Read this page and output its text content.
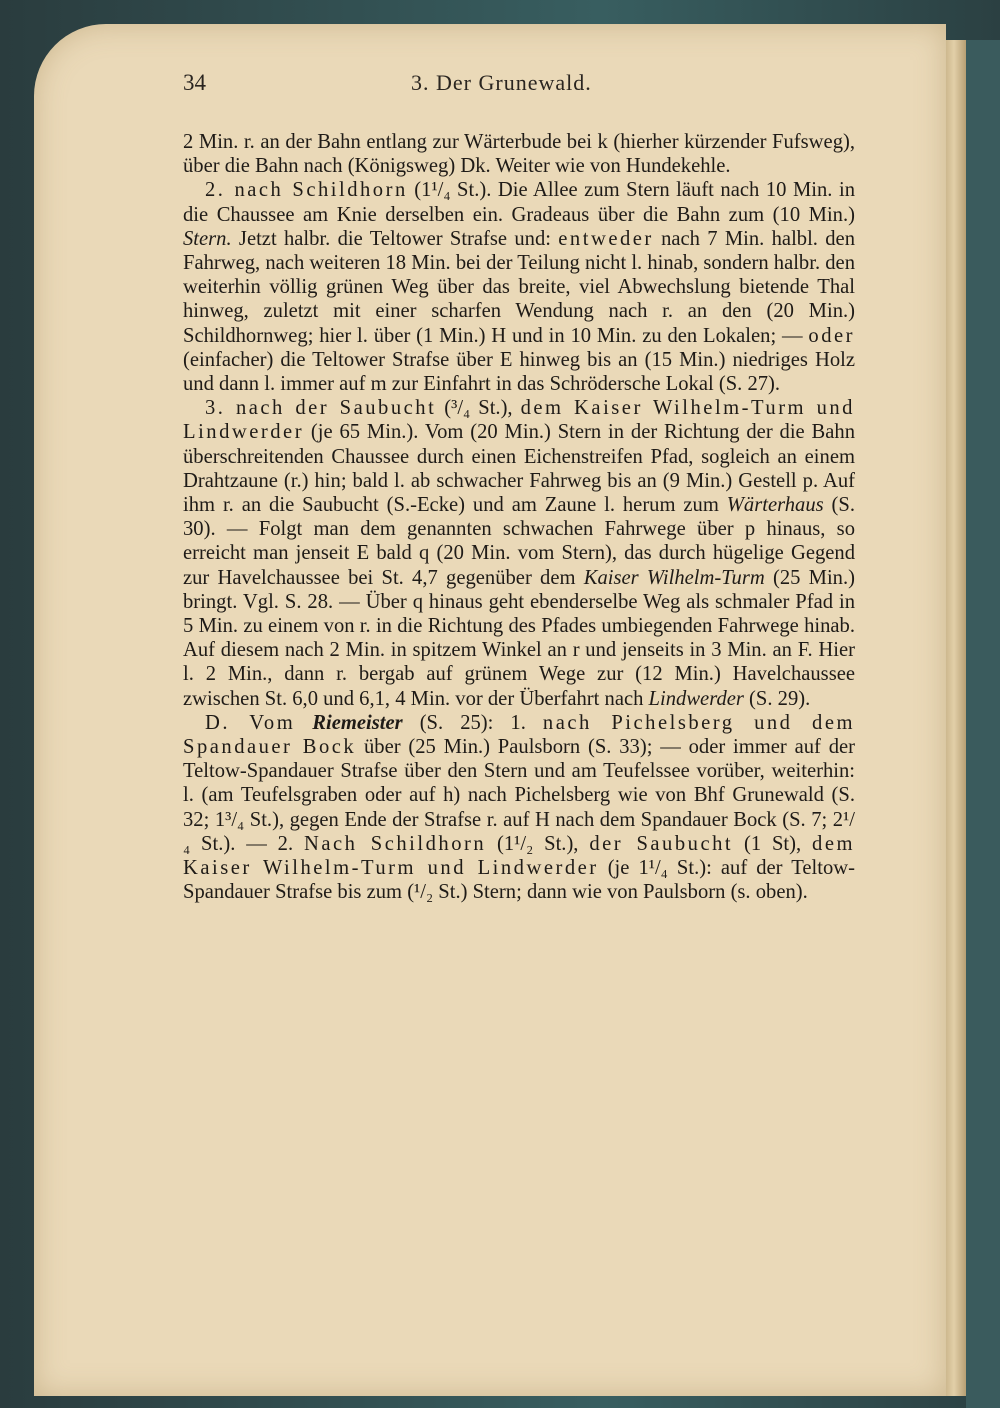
34	3. Der Grunewald.

2 Min. r. an der Bahn entlang zur Wärterbude bei k (hierher kürzender Fufsweg), über die Bahn nach (Königsweg) Dk. Weiter wie von Hundekehle.

2. nach Schildhorn (1¹/₄ St.). Die Allee zum Stern läuft nach 10 Min. in die Chaussee am Knie derselben ein. Gradeaus über die Bahn zum (10 Min.) Stern. Jetzt halbr. die Teltower Strafse und: entweder nach 7 Min. halbl. den Fahrweg, nach weiteren 18 Min. bei der Teilung nicht l. hinab, sondern halbr. den weiterhin völlig grünen Weg über das breite, viel Abwechslung bietende Thal hinweg, zuletzt mit einer scharfen Wendung nach r. an den (20 Min.) Schildhornweg; hier l. über (1 Min.) H und in 10 Min. zu den Lokalen; — oder (einfacher) die Teltower Strafse über E hinweg bis an (15 Min.) niedriges Holz und dann l. immer auf m zur Einfahrt in das Schrödersche Lokal (S. 27).

3. nach der Saubucht (³/₄ St.), dem Kaiser Wilhelm-Turm und Lindwerder (je 65 Min.). Vom (20 Min.) Stern in der Richtung der die Bahn überschreitenden Chaussee durch einen Eichenstreifen Pfad, sogleich an einem Drahtzaune (r.) hin; bald l. ab schwacher Fahrweg bis an (9 Min.) Gestell p. Auf ihm r. an die Saubucht (S.-Ecke) und am Zaune l. herum zum Wärterhaus (S. 30). — Folgt man dem genannten schwachen Fahrwege über p hinaus, so erreicht man jenseit E bald q (20 Min. vom Stern), das durch hügelige Gegend zur Havelchaussee bei St. 4,7 gegenüber dem Kaiser Wilhelm-Turm (25 Min.) bringt. Vgl. S. 28. — Über q hinaus geht ebenderselbe Weg als schmaler Pfad in 5 Min. zu einem von r. in die Richtung des Pfades umbiegenden Fahrwege hinab. Auf diesem nach 2 Min. in spitzem Winkel an r und jenseits in 3 Min. an F. Hier l. 2 Min., dann r. bergab auf grünem Wege zur (12 Min.) Havelchaussee zwischen St. 6,0 und 6,1, 4 Min. vor der Überfahrt nach Lindwerder (S. 29).

D. Vom Riemeister (S. 25): 1. nach Pichelsberg und dem Spandauer Bock über (25 Min.) Paulsborn (S. 33); — oder immer auf der Teltow-Spandauer Strafse über den Stern und am Teufelssee vorüber, weiterhin: l. (am Teufelsgraben oder auf h) nach Pichelsberg wie von Bhf Grunewald (S. 32; 1³/₄ St.), gegen Ende der Strafse r. auf H nach dem Spandauer Bock (S. 7; 2¹/₄ St.). — 2. Nach Schildhorn (1¹/₂ St.), der Saubucht (1 St), dem Kaiser Wilhelm-Turm und Lindwerder (je 1¹/₄ St.): auf der Teltow-Spandauer Strafse bis zum (¹/₂ St.) Stern; dann wie von Paulsborn (s. oben).
